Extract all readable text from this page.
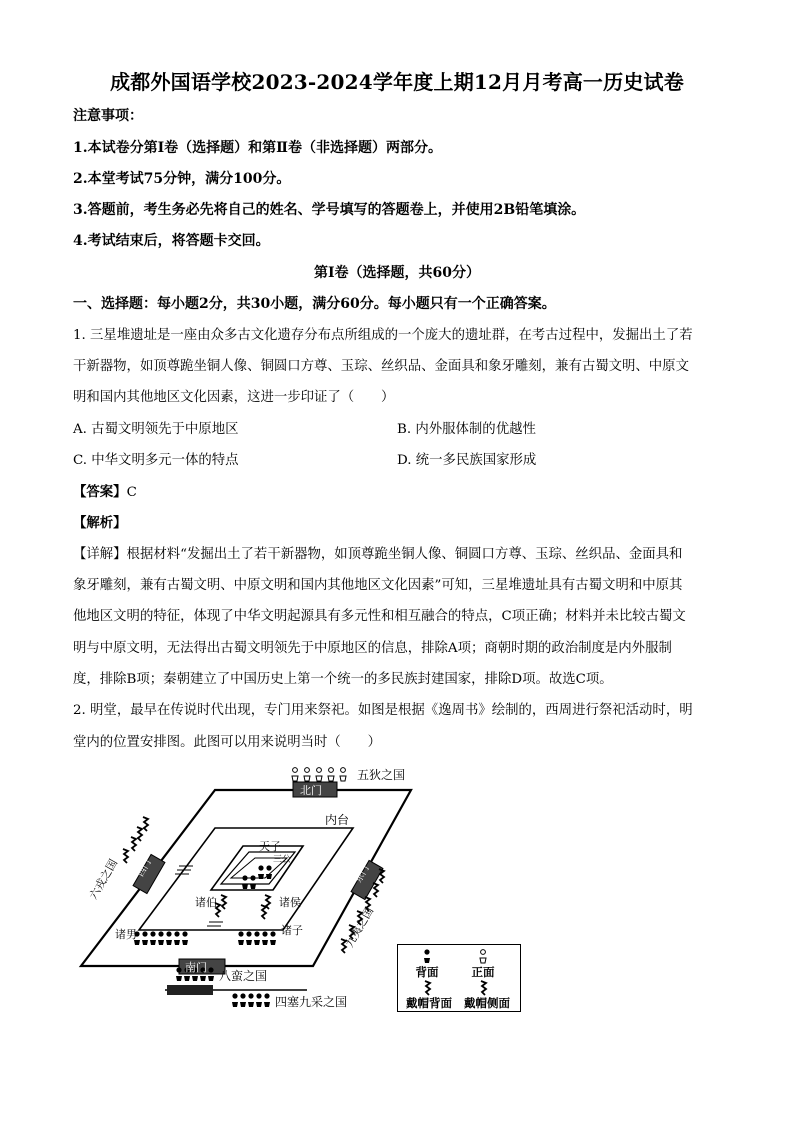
成都外国语学校2023-2024学年度上期12月月考高一历史试卷
注意事项：
1.本试卷分第Ⅰ卷（选择题）和第Ⅱ卷（非选择题）两部分。
2.本堂考试75分钟，满分100分。
3.答题前，考生务必先将自己的姓名、学号填写的答题卷上，并使用2B铅笔填涂。
4.考试结束后，将答题卡交回。
第Ⅰ卷（选择题，共60分）
一、选择题：每小题2分，共30小题，满分60分。每小题只有一个正确答案。
1. 三星堆遗址是一座由众多古文化遗存分布点所组成的一个庞大的遗址群，在考古过程中，发掘出土了若
干新器物，如顶尊跪坐铜人像、铜圆口方尊、玉琮、丝织品、金面具和象牙雕刻，兼有古蜀文明、中原文
明和国内其他地区文化因素，这进一步印证了（　　）
A. 古蜀文明领先于中原地区	B. 内外服体制的优越性
C. 中华文明多元一体的特点	D. 统一多民族国家形成
【答案】C
【解析】
【详解】根据材料“发掘出土了若干新器物，如顶尊跪坐铜人像、铜圆口方尊、玉琮、丝织品、金面具和
象牙雕刻，兼有古蜀文明、中原文明和国内其他地区文化因素”可知，三星堆遗址具有古蜀文明和中原其
他地区文明的特征，体现了中华文明起源具有多元性和相互融合的特点，C项正确；材料并未比较古蜀文
明与中原文明，无法得出古蜀文明领先于中原地区的信息，排除A项；商朝时期的政治制度是内外服制
度，排除B项；秦朝建立了中国历史上第一个统一的多民族封建国家，排除D项。故选C项。
2. 明堂，最早在传说时代出现，专门用来祭祀。如图是根据《逸周书》绘制的，西周进行祭祀活动时，明
堂内的位置安排图。此图可以用来说明当时（　　）
五狄之国
北门
内台
天子
三公
诸伯	诸侯
诸男	诸子
南门
西门	东门
六戎之国
九夷之国
八蛮之国
四塞九采之国
背面	正面
戴帽背面 戴帽侧面
